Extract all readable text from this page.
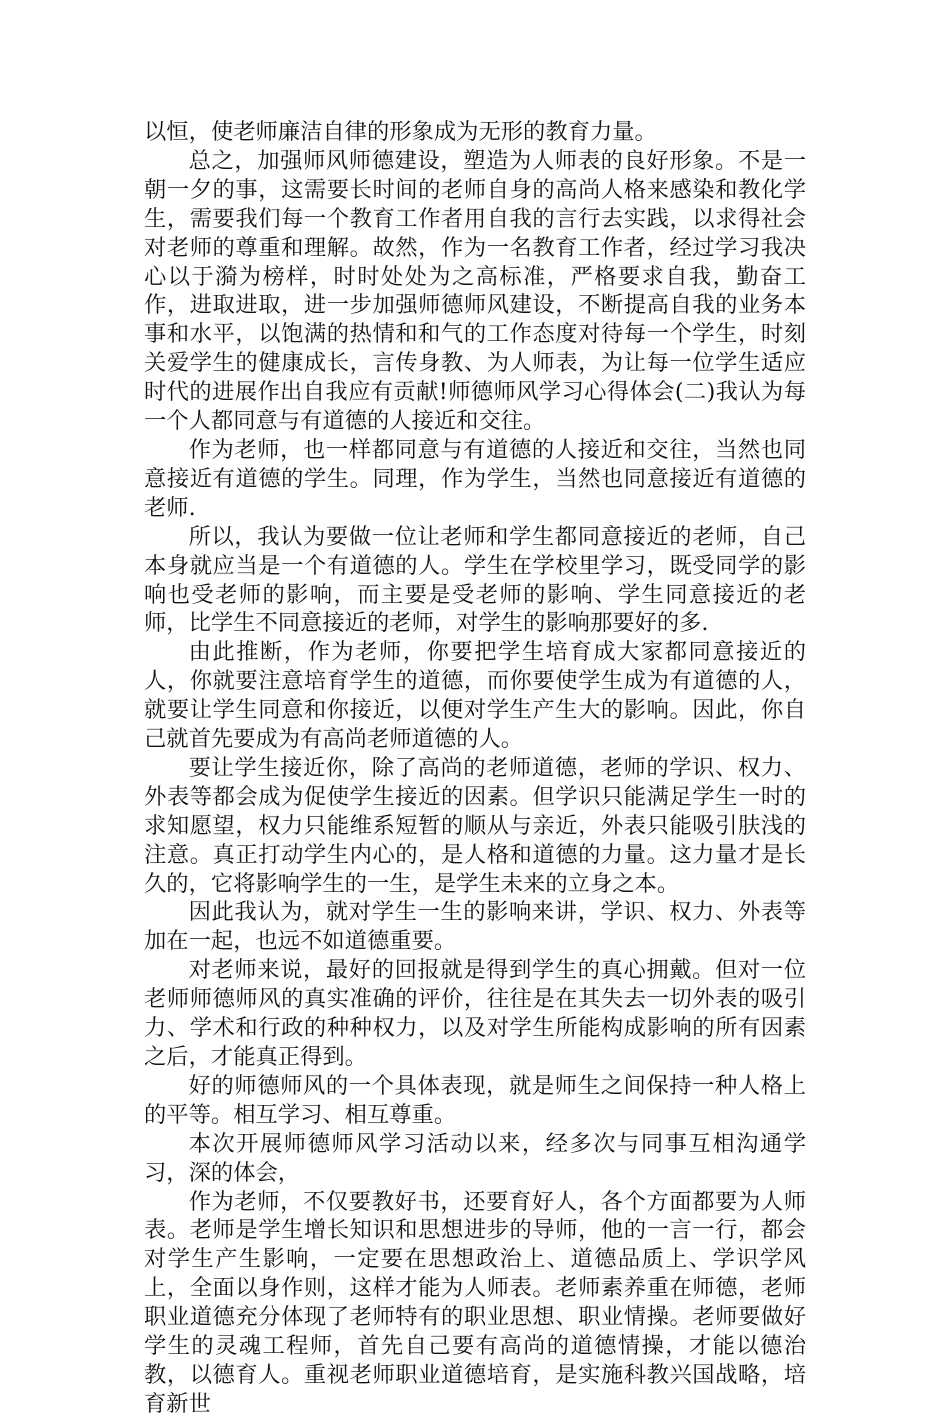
以恒，使老师廉洁自律的形象成为无形的教育力量。

总之，加强师风师德建设，塑造为人师表的良好形象。不是一朝一夕的事，这需要长时间的老师自身的高尚人格来感染和教化学生，需要我们每一个教育工作者用自我的言行去实践，以求得社会对老师的尊重和理解。故然，作为一名教育工作者，经过学习我决心以于漪为榜样，时时处处为之高标准，严格要求自我，勤奋工作，进取进取，进一步加强师德师风建设，不断提高自我的业务本事和水平，以饱满的热情和和气的工作态度对待每一个学生，时刻关爱学生的健康成长，言传身教、为人师表，为让每一位学生适应时代的进展作出自我应有贡献!师德师风学习心得体会(二)我认为每一个人都同意与有道德的人接近和交往。

作为老师，也一样都同意与有道德的人接近和交往，当然也同意接近有道德的学生。同理，作为学生，当然也同意接近有道德的老师.

所以，我认为要做一位让老师和学生都同意接近的老师，自己本身就应当是一个有道德的人。学生在学校里学习，既受同学的影响也受老师的影响，而主要是受老师的影响、学生同意接近的老师，比学生不同意接近的老师，对学生的影响那要好的多.

由此推断，作为老师，你要把学生培育成大家都同意接近的人，你就要注意培育学生的道德，而你要使学生成为有道德的人，就要让学生同意和你接近，以便对学生产生大的影响。因此，你自己就首先要成为有高尚老师道德的人。

要让学生接近你，除了高尚的老师道德，老师的学识、权力、外表等都会成为促使学生接近的因素。但学识只能满足学生一时的求知愿望，权力只能维系短暂的顺从与亲近，外表只能吸引肤浅的注意。真正打动学生内心的，是人格和道德的力量。这力量才是长久的，它将影响学生的一生，是学生未来的立身之本。

因此我认为，就对学生一生的影响来讲，学识、权力、外表等加在一起，也远不如道德重要。

对老师来说，最好的回报就是得到学生的真心拥戴。但对一位老师师德师风的真实准确的评价，往往是在其失去一切外表的吸引力、学术和行政的种种权力，以及对学生所能构成影响的所有因素之后，才能真正得到。

好的师德师风的一个具体表现，就是师生之间保持一种人格上的平等。相互学习、相互尊重。

本次开展师德师风学习活动以来，经多次与同事互相沟通学习，深的体会，

作为老师，不仅要教好书，还要育好人，各个方面都要为人师表。老师是学生增长知识和思想进步的导师，他的一言一行，都会对学生产生影响，一定要在思想政治上、道德品质上、学识学风上，全面以身作则，这样才能为人师表。老师素养重在师德，老师职业道德充分体现了老师特有的职业思想、职业情操。老师要做好学生的灵魂工程师，首先自己要有高尚的道德情操，才能以德治教，以德育人。重视老师职业道德培育，是实施科教兴国战略，培育新世
